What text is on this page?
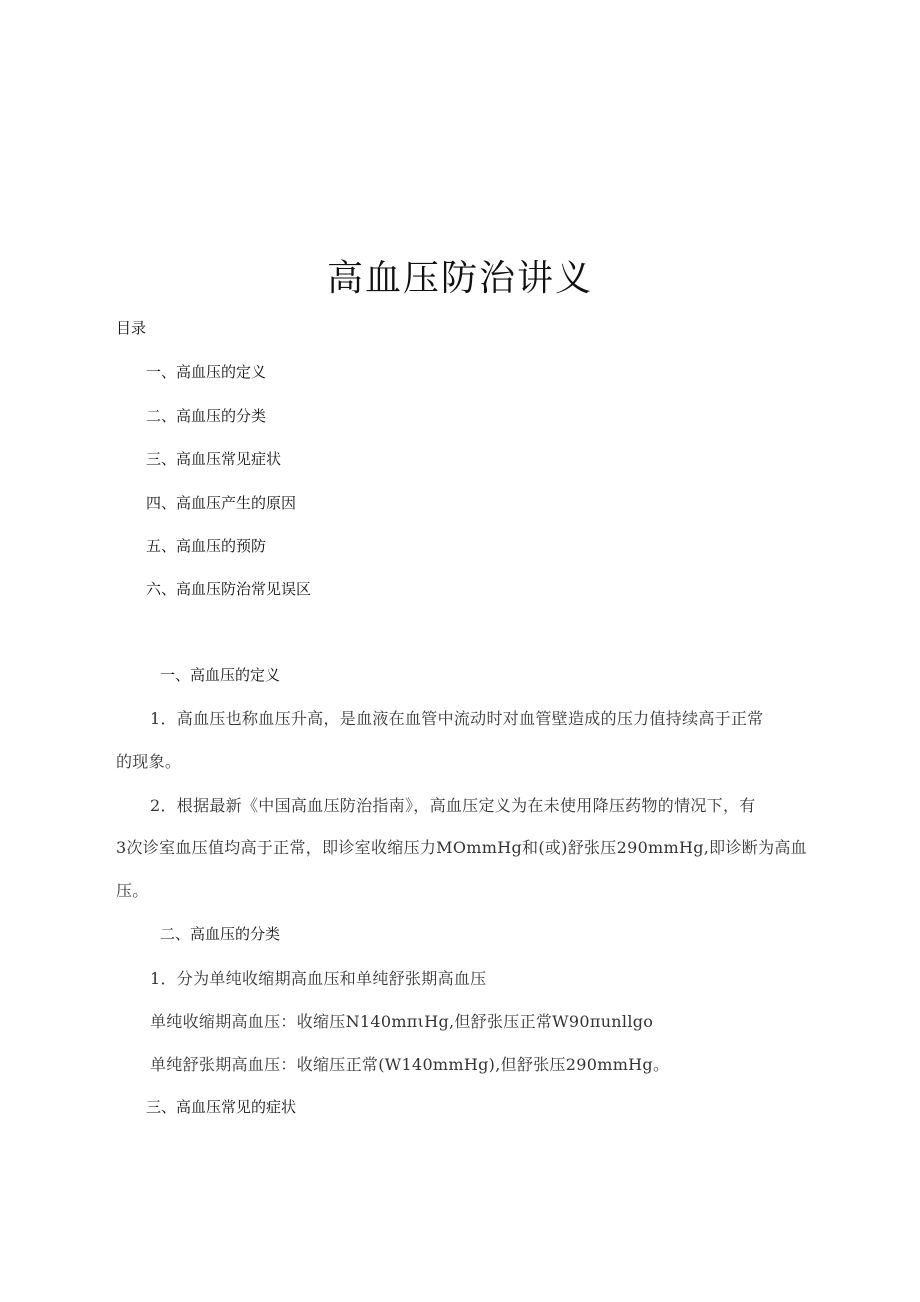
高血压防治讲义
目录
一、高血压的定义
二、高血压的分类
三、高血压常见症状
四、高血压产生的原因
五、高血压的预防
六、高血压防治常见误区
一、高血压的定义
1．高血压也称血压升高，是血液在血管中流动时对血管壁造成的压力值持续高于正常
的现象。
2．根据最新《中国高血压防治指南》，高血压定义为在未使用降压药物的情况下，有
3次诊室血压值均高于正常，即诊室收缩压力MOmmHg和(或)舒张压290mmHg,即诊断为高血
压。
二、高血压的分类
1．分为单纯收缩期高血压和单纯舒张期高血压
单纯收缩期高血压：收缩压N140mπιHg,但舒张压正常W90πunllgo
单纯舒张期高血压：收缩压正常(W140mmHg),但舒张压290mmHg。
三、高血压常见的症状
